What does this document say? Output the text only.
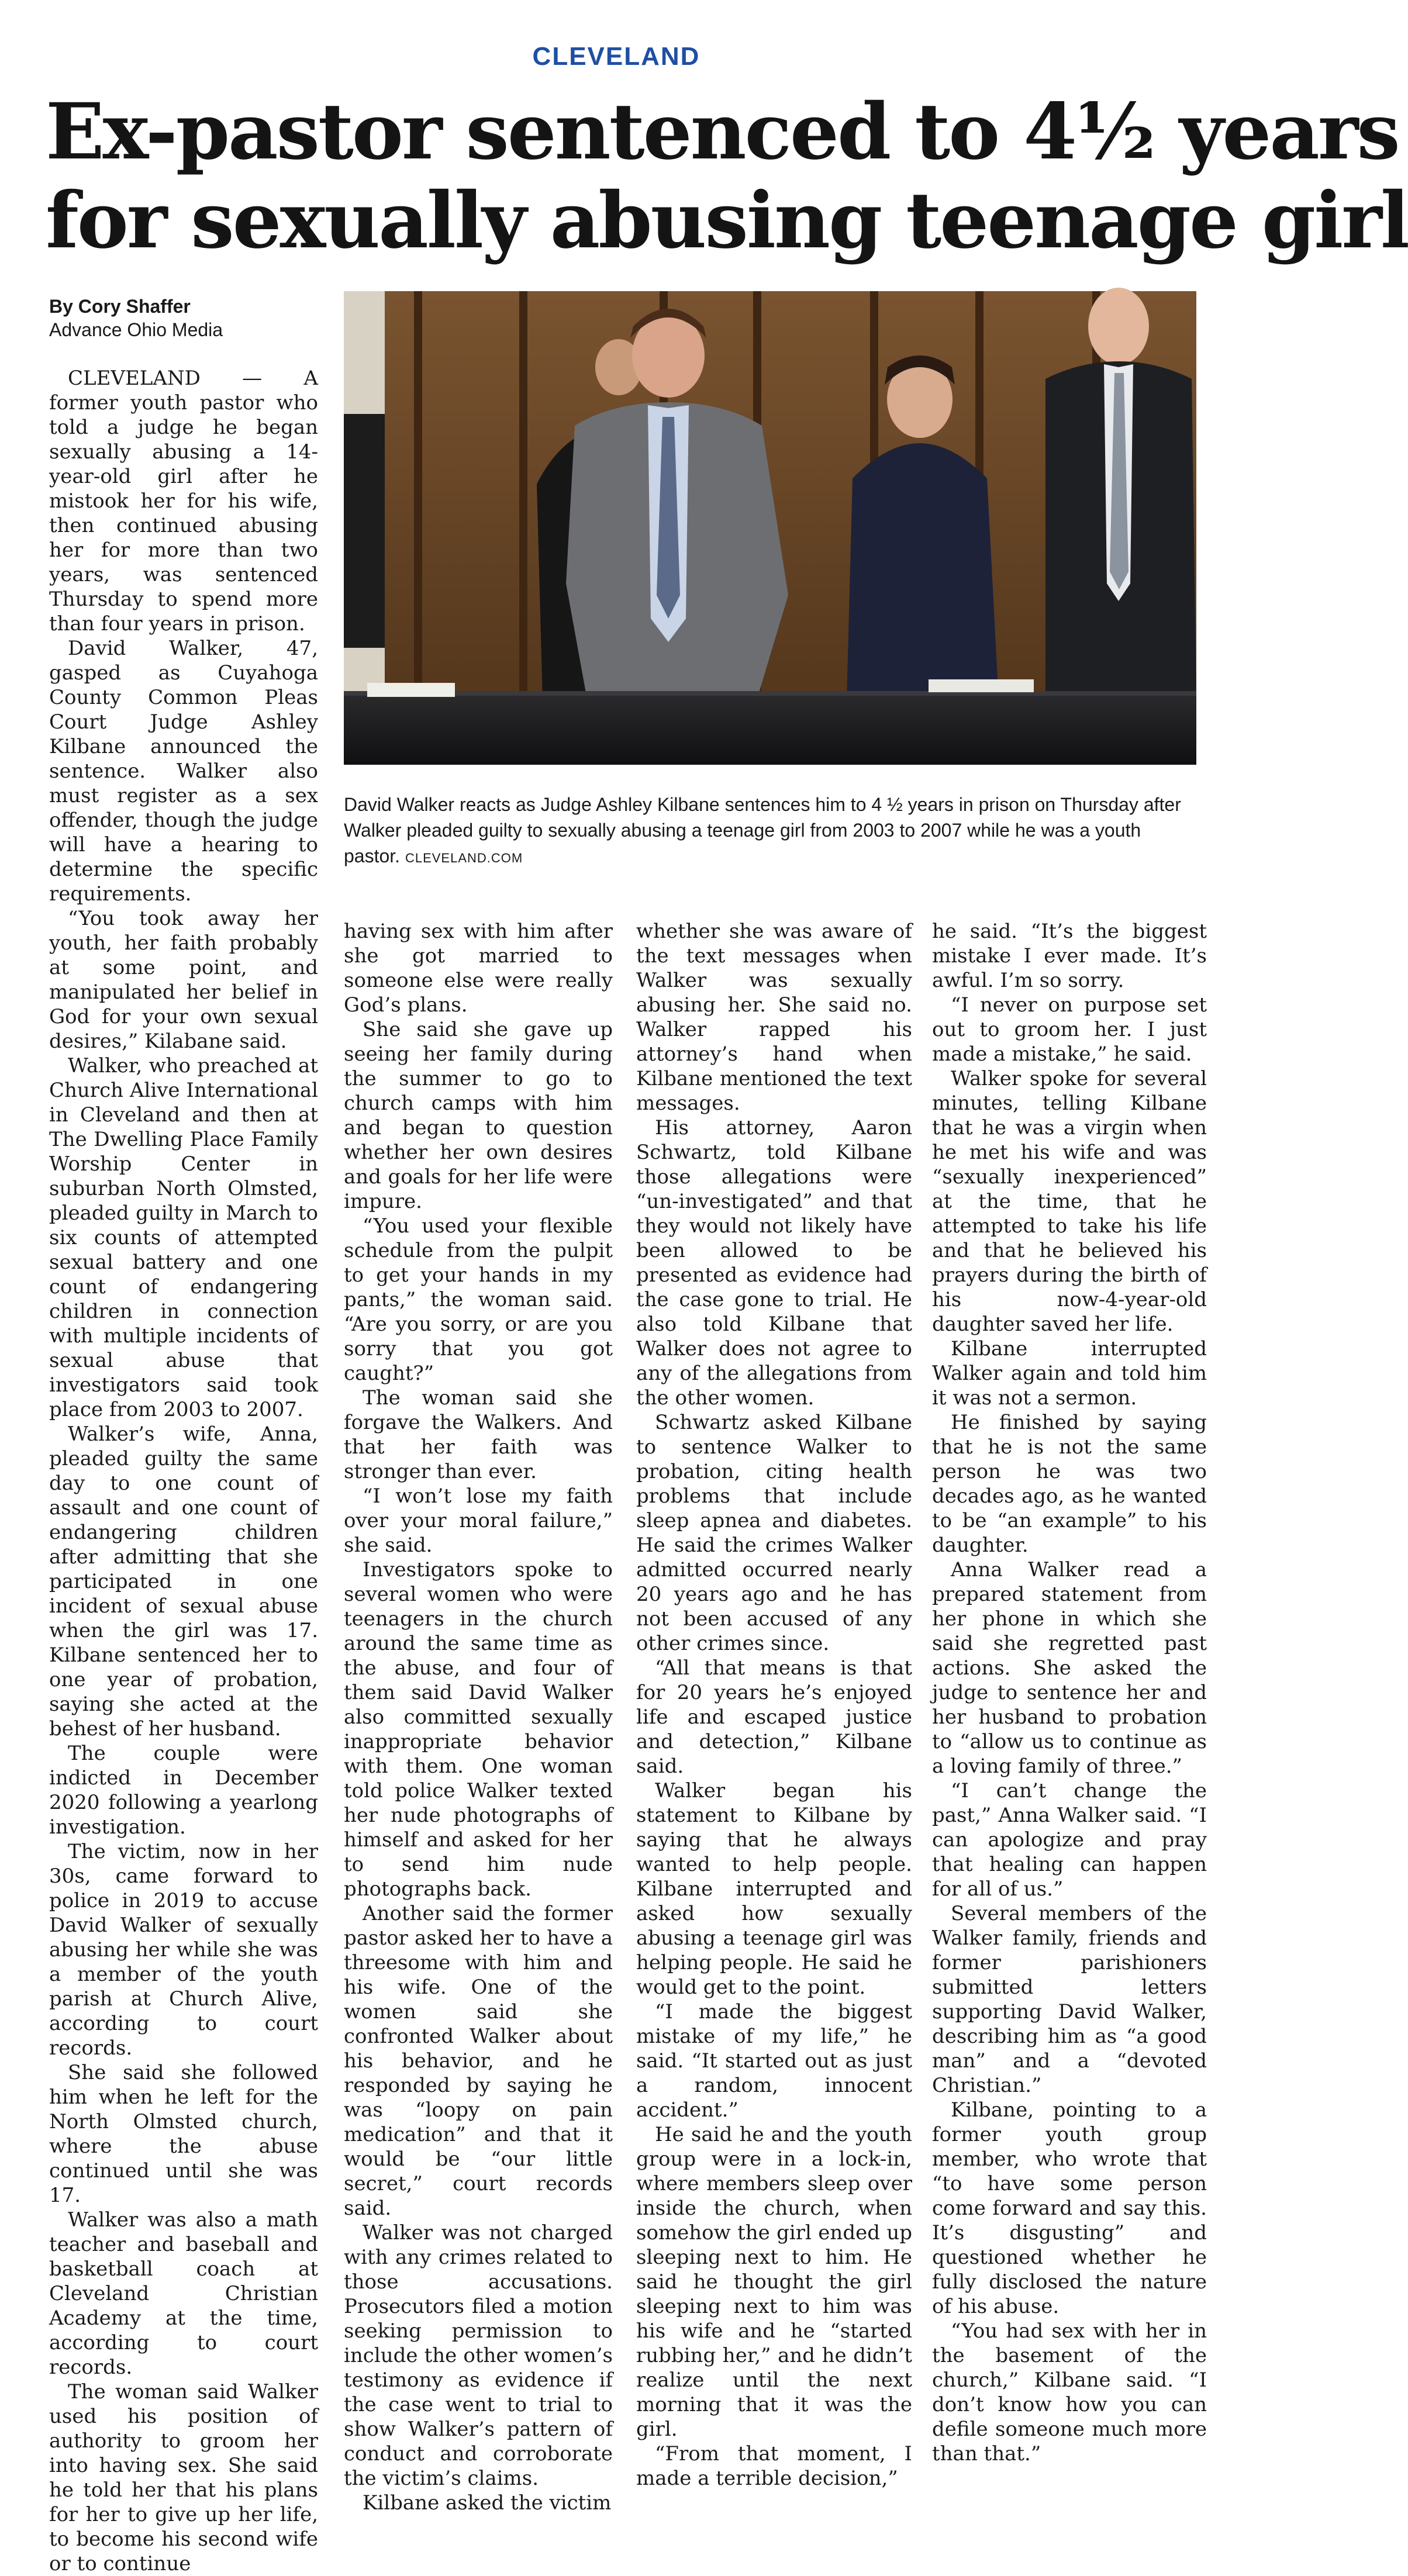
CLEVELAND
Ex-pastor sentenced to 4½ years
for sexually abusing teenage girl
By Cory Shaffer
Advance Ohio Media
David Walker reacts as Judge Ashley Kilbane sentences him to 4 ½ years in prison on Thursday after Walker pleaded guilty to sexually abusing a teenage girl from 2003 to 2007 while he was a youth pastor. CLEVELAND.COM

CLEVELAND — A former youth pastor who told a judge he began sexually abusing a 14-year-old girl after he mistook her for his wife, then continued abusing her for more than two years, was sentenced Thursday to spend more than four years in prison.

David Walker, 47, gasped as Cuyahoga County Common Pleas Court Judge Ashley Kilbane announced the sentence. Walker also must register as a sex offender, though the judge will have a hearing to determine the specific requirements.

“You took away her youth, her faith probably at some point, and manipulated her belief in God for your own sexual desires,” Kilabane said.

Walker, who preached at Church Alive International in Cleveland and then at The Dwelling Place Family Worship Center in suburban North Olmsted, pleaded guilty in March to six counts of attempted sexual battery and one count of endangering children in connection with multiple incidents of sexual abuse that investigators said took place from 2003 to 2007.

Walker’s wife, Anna, pleaded guilty the same day to one count of assault and one count of endangering children after admitting that she participated in one incident of sexual abuse when the girl was 17. Kilbane sentenced her to one year of probation, saying she acted at the behest of her husband.

The couple were indicted in December 2020 following a yearlong investigation.

The victim, now in her 30s, came forward to police in 2019 to accuse David Walker of sexually abusing her while she was a member of the youth parish at Church Alive, according to court records.

She said she followed him when he left for the North Olmsted church, where the abuse continued until she was 17.

Walker was also a math teacher and baseball and basketball coach at Cleveland Christian Academy at the time, according to court records.

The woman said Walker used his position of authority to groom her into having sex. She said he told her that his plans for her to give up her life, to become his second wife or to continue

having sex with him after she got married to someone else were really God’s plans.

She said she gave up seeing her family during the summer to go to church camps with him and began to question whether her own desires and goals for her life were impure.

“You used your flexible schedule from the pulpit to get your hands in my pants,” the woman said. “Are you sorry, or are you sorry that you got caught?”

The woman said she forgave the Walkers. And that her faith was stronger than ever.

“I won’t lose my faith over your moral failure,” she said.

Investigators spoke to several women who were teenagers in the church around the same time as the abuse, and four of them said David Walker also committed sexually inappropriate behavior with them. One woman told police Walker texted her nude photographs of himself and asked for her to send him nude photographs back.

Another said the former pastor asked her to have a threesome with him and his wife. One of the women said she confronted Walker about his behavior, and he responded by saying he was “loopy on pain medication” and that it would be “our little secret,” court records said.

Walker was not charged with any crimes related to those accusations. Prosecutors filed a motion seeking permission to include the other women’s testimony as evidence if the case went to trial to show Walker’s pattern of conduct and corroborate the victim’s claims.

Kilbane asked the victim

whether she was aware of the text messages when Walker was sexually abusing her. She said no. Walker rapped his attorney’s hand when Kilbane mentioned the text messages.

His attorney, Aaron Schwartz, told Kilbane those allegations were “un-investigated” and that they would not likely have been allowed to be presented as evidence had the case gone to trial. He also told Kilbane that Walker does not agree to any of the allegations from the other women.

Schwartz asked Kilbane to sentence Walker to probation, citing health problems that include sleep apnea and diabetes. He said the crimes Walker admitted occurred nearly 20 years ago and he has not been accused of any other crimes since.

“All that means is that for 20 years he’s enjoyed life and escaped justice and detection,” Kilbane said.

Walker began his statement to Kilbane by saying that he always wanted to help people. Kilbane interrupted and asked how sexually abusing a teenage girl was helping people. He said he would get to the point.

“I made the biggest mistake of my life,” he said. “It started out as just a random, innocent accident.”

He said he and the youth group were in a lock-in, where members sleep over inside the church, when somehow the girl ended up sleeping next to him. He said he thought the girl sleeping next to him was his wife and he “started rubbing her,” and he didn’t realize until the next morning that it was the girl.

“From that moment, I made a terrible decision,”

he said. “It’s the biggest mistake I ever made. It’s awful. I’m so sorry.

“I never on purpose set out to groom her. I just made a mistake,” he said.

Walker spoke for several minutes, telling Kilbane that he was a virgin when he met his wife and was “sexually inexperienced” at the time, that he attempted to take his life and that he believed his prayers during the birth of his now-4-year-old daughter saved her life.

Kilbane interrupted Walker again and told him it was not a sermon.

He finished by saying that he is not the same person he was two decades ago, as he wanted to be “an example” to his daughter.

Anna Walker read a prepared statement from her phone in which she said she regretted past actions. She asked the judge to sentence her and her husband to probation to “allow us to continue as a loving family of three.”

“I can’t change the past,” Anna Walker said. “I can apologize and pray that healing can happen for all of us.”

Several members of the Walker family, friends and former parishioners submitted letters supporting David Walker, describing him as “a good man” and a “devoted Christian.”

Kilbane, pointing to a former youth group member, who wrote that “to have some person come forward and say this. It’s disgusting” and questioned whether he fully disclosed the nature of his abuse.

“You had sex with her in the basement of the church,” Kilbane said. “I don’t know how you can defile someone much more than that.”
